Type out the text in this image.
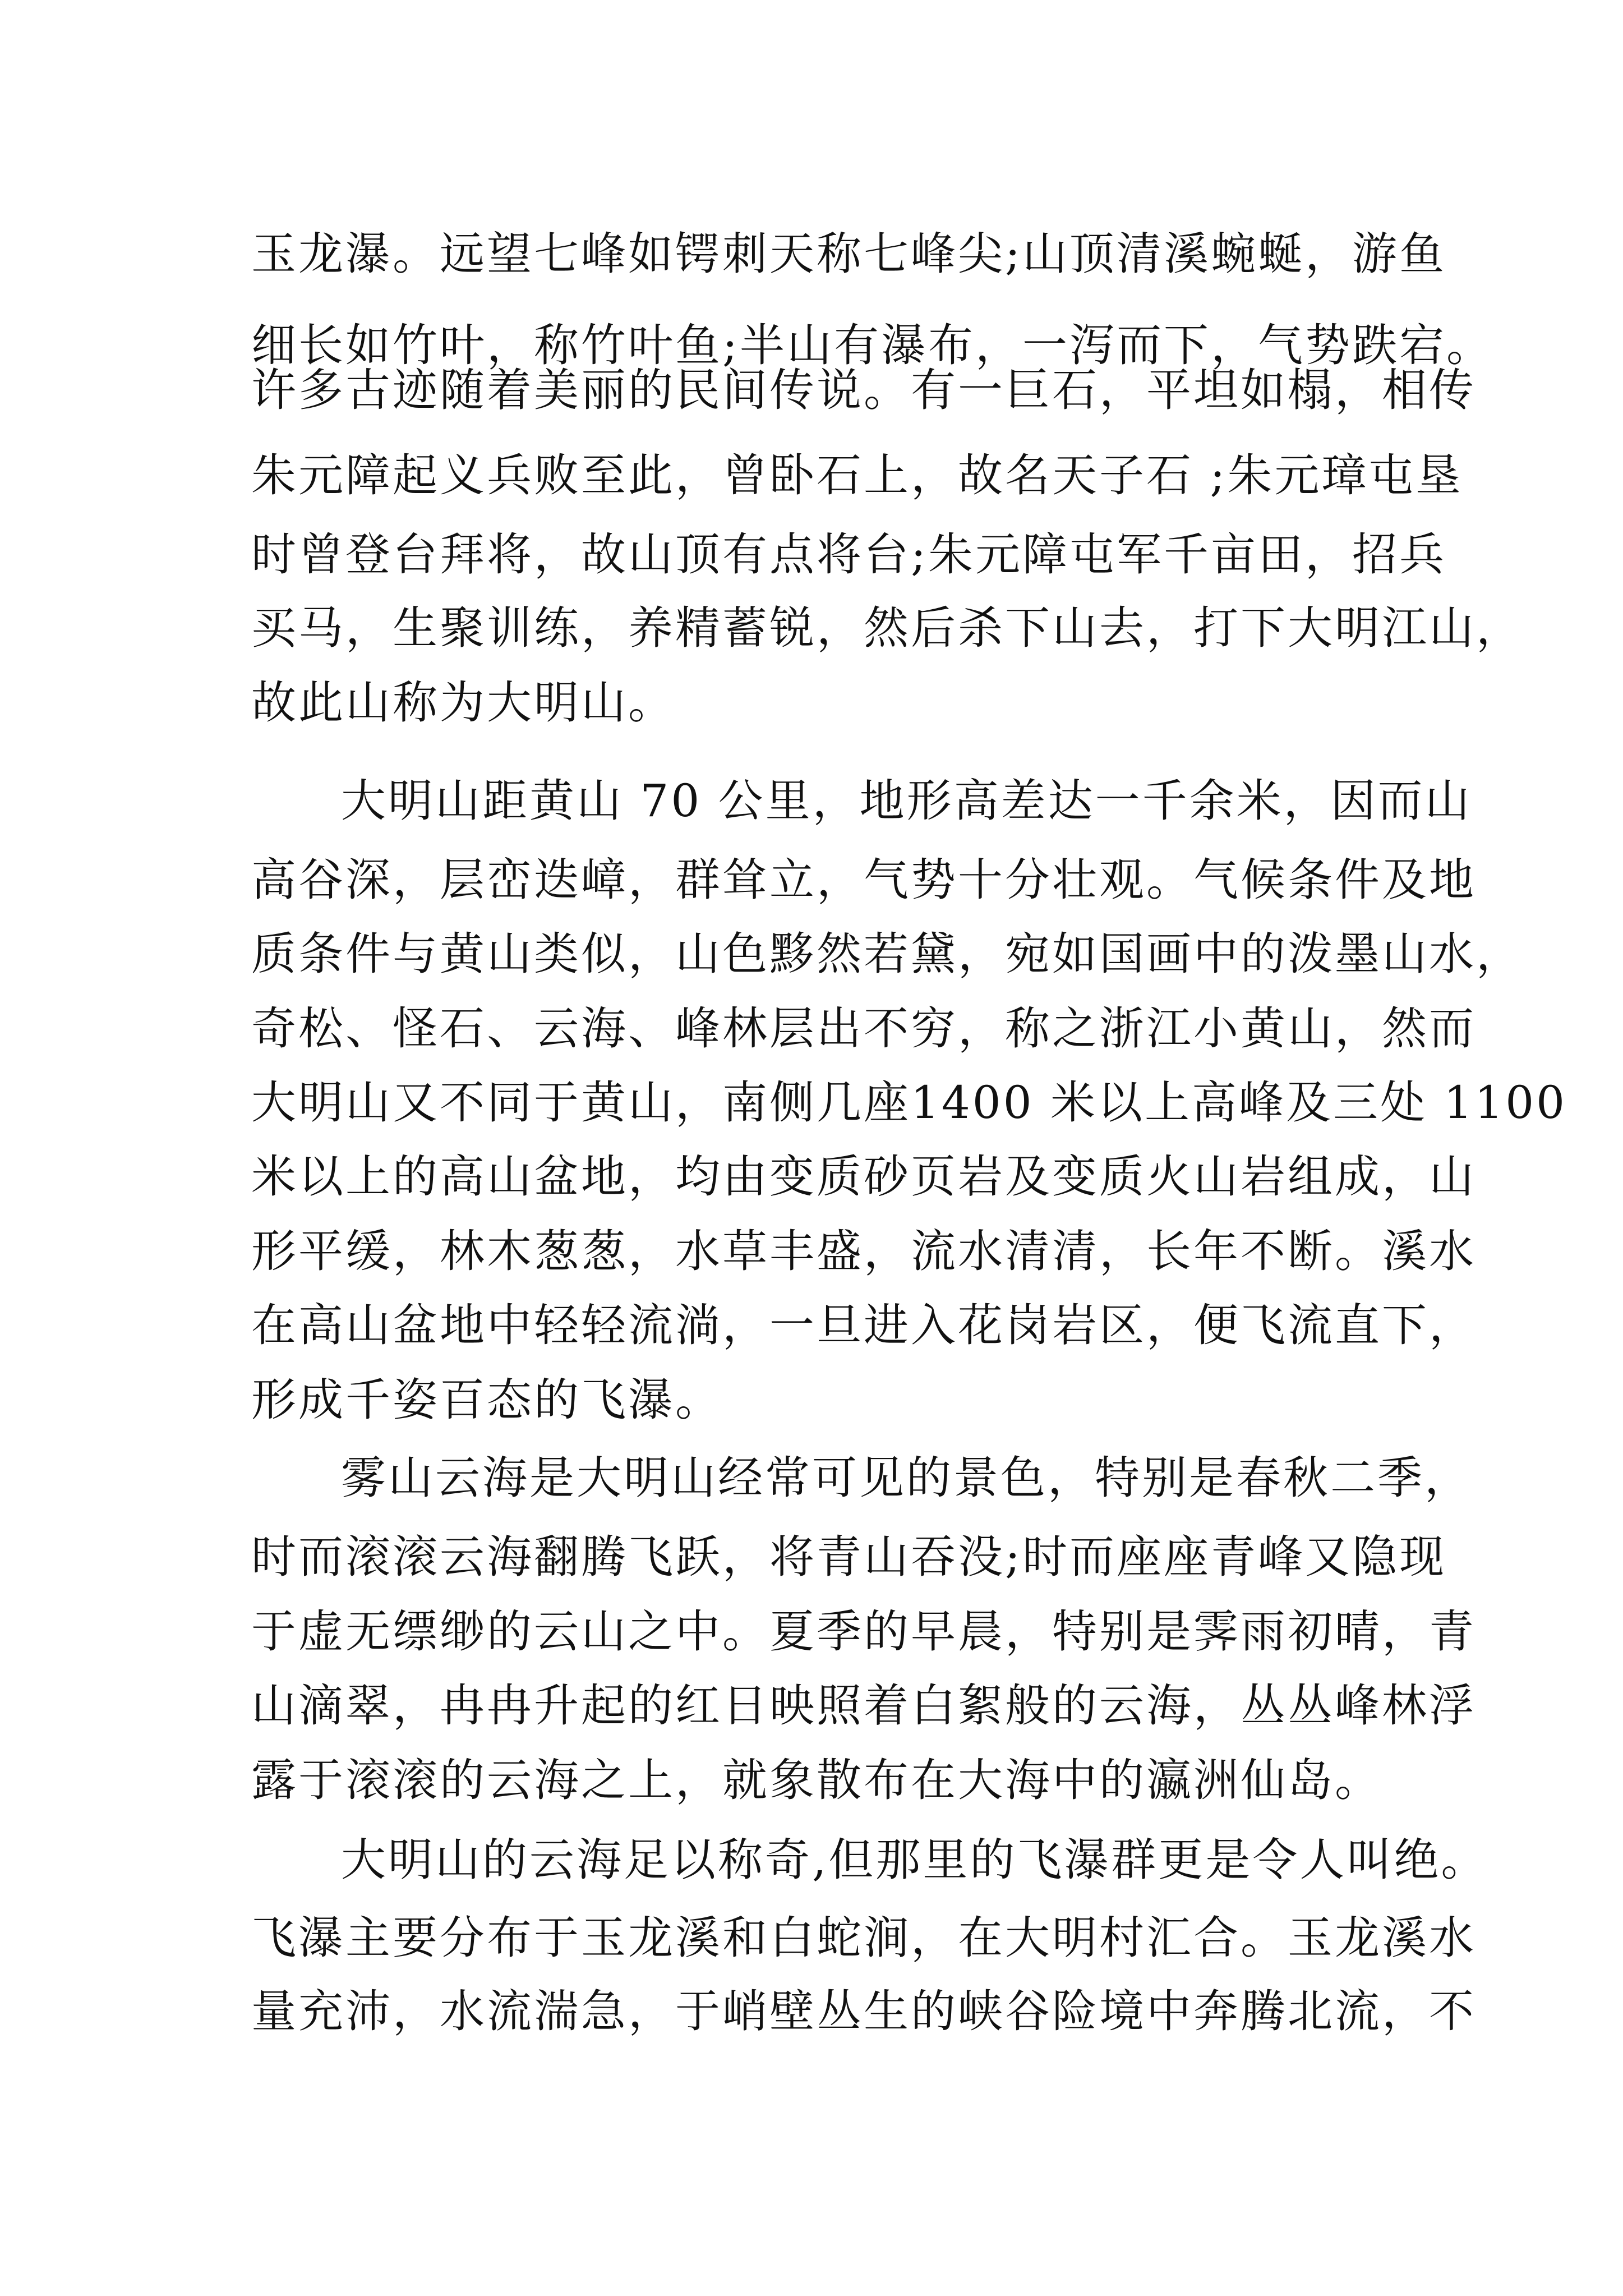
玉龙瀑。远望七峰如锷刺天称七峰尖;山顶清溪蜿蜒，游鱼
细长如竹叶，称竹叶鱼;半山有瀑布，一泻而下，气势跌宕。
许多古迹随着美丽的民间传说。有一巨石，平坦如榻，相传
朱元障起义兵败至此，曾卧石上，故名天子石 ;朱元璋屯垦
时曾登台拜将，故山顶有点将台;朱元障屯军千亩田，招兵
买马，生聚训练，养精蓄锐，然后杀下山去，打下大明江山，
故此山称为大明山。
大明山距黄山 70 公里，地形高差达一千余米，因而山
高谷深，层峦迭嶂，群耸立，气势十分壮观。气候条件及地
质条件与黄山类似，山色黟然若黛，宛如国画中的泼墨山水，
奇松、怪石、云海、峰林层出不穷，称之浙江小黄山，然而
大明山又不同于黄山，南侧几座1400 米以上高峰及三处 1100
米以上的高山盆地，均由变质砂页岩及变质火山岩组成，山
形平缓，林木葱葱，水草丰盛，流水清清，长年不断。溪水
在高山盆地中轻轻流淌，一旦进入花岗岩区，便飞流直下，
形成千姿百态的飞瀑。
雾山云海是大明山经常可见的景色，特别是春秋二季，
时而滚滚云海翻腾飞跃，将青山吞没;时而座座青峰又隐现
于虚无缥缈的云山之中。夏季的早晨，特别是霁雨初晴，青
山滴翠，冉冉升起的红日映照着白絮般的云海，丛丛峰林浮
露于滚滚的云海之上，就象散布在大海中的瀛洲仙岛。
大明山的云海足以称奇,但那里的飞瀑群更是令人叫绝。
飞瀑主要分布于玉龙溪和白蛇涧，在大明村汇合。玉龙溪水
量充沛，水流湍急，于峭壁丛生的峡谷险境中奔腾北流，不
